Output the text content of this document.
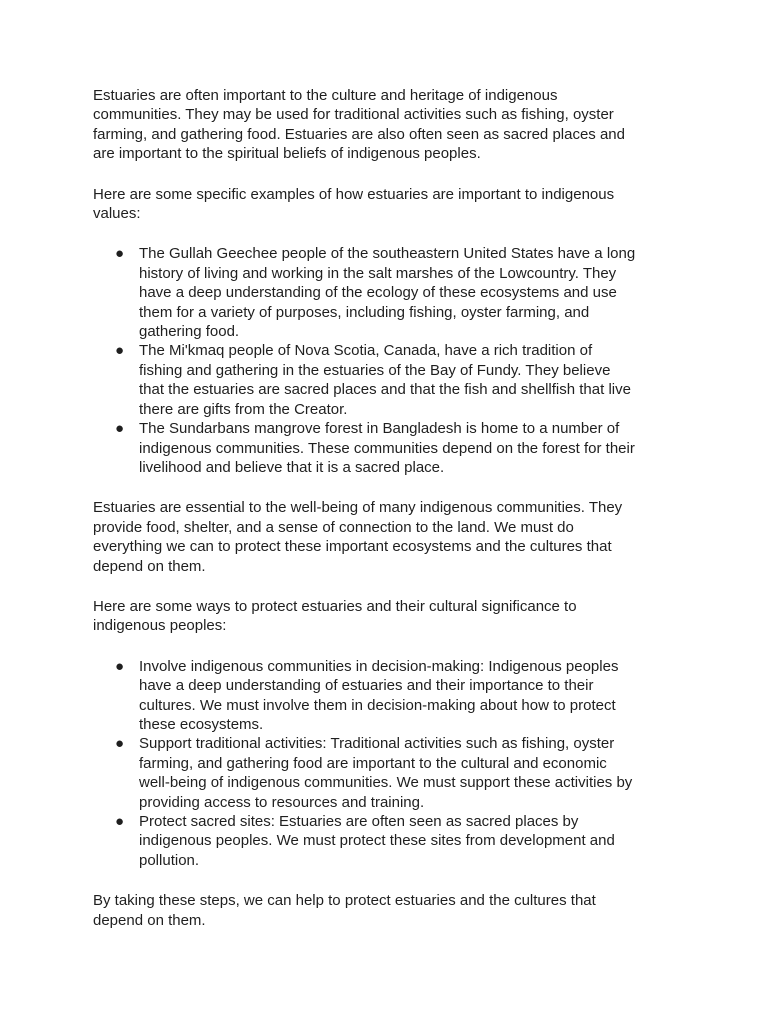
Estuaries are often important to the culture and heritage of indigenous communities. They may be used for traditional activities such as fishing, oyster farming, and gathering food. Estuaries are also often seen as sacred places and are important to the spiritual beliefs of indigenous peoples.

Here are some specific examples of how estuaries are important to indigenous values:

● The Gullah Geechee people of the southeastern United States have a long history of living and working in the salt marshes of the Lowcountry. They have a deep understanding of the ecology of these ecosystems and use them for a variety of purposes, including fishing, oyster farming, and gathering food.
● The Mi'kmaq people of Nova Scotia, Canada, have a rich tradition of fishing and gathering in the estuaries of the Bay of Fundy. They believe that the estuaries are sacred places and that the fish and shellfish that live there are gifts from the Creator.
● The Sundarbans mangrove forest in Bangladesh is home to a number of indigenous communities. These communities depend on the forest for their livelihood and believe that it is a sacred place.

Estuaries are essential to the well-being of many indigenous communities. They provide food, shelter, and a sense of connection to the land. We must do everything we can to protect these important ecosystems and the cultures that depend on them.

Here are some ways to protect estuaries and their cultural significance to indigenous peoples:

● Involve indigenous communities in decision-making: Indigenous peoples have a deep understanding of estuaries and their importance to their cultures. We must involve them in decision-making about how to protect these ecosystems.
● Support traditional activities: Traditional activities such as fishing, oyster farming, and gathering food are important to the cultural and economic well-being of indigenous communities. We must support these activities by providing access to resources and training.
● Protect sacred sites: Estuaries are often seen as sacred places by indigenous peoples. We must protect these sites from development and pollution.

By taking these steps, we can help to protect estuaries and the cultures that depend on them.
